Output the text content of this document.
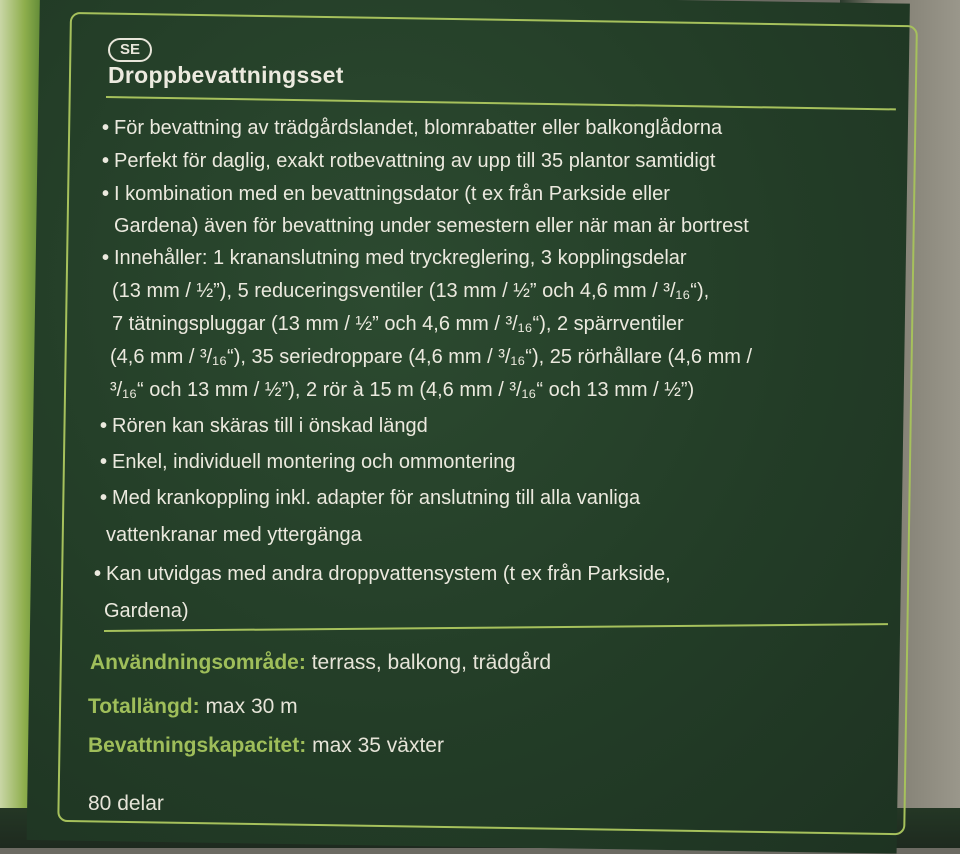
SE
Droppbevattningsset
• För bevattning av trädgårdslandet, blomrabatter eller balkonglådorna
• Perfekt för daglig, exakt rotbevattning av upp till 35 plantor samtidigt
• I kombination med en bevattningsdator (t ex från Parkside eller
Gardena) även för bevattning under semestern eller när man är bortrest
• Innehåller: 1 krananslutning med tryckreglering, 3 kopplingsdelar
(13 mm / ½”), 5 reduceringsventiler (13 mm / ½” och 4,6 mm / ³/₁₆“),
7 tätningspluggar (13 mm / ½” och 4,6 mm / ³/₁₆“), 2 spärrventiler
(4,6 mm / ³/₁₆“), 35 seriedroppare (4,6 mm / ³/₁₆“), 25 rörhållare (4,6 mm /
³/₁₆“ och 13 mm / ½”), 2 rör à 15 m (4,6 mm / ³/₁₆“ och 13 mm / ½”)
• Rören kan skäras till i önskad längd
• Enkel, individuell montering och ommontering
• Med krankoppling inkl. adapter för anslutning till alla vanliga
vattenkranar med yttergänga
• Kan utvidgas med andra droppvattensystem (t ex från Parkside,
Gardena)
Användningsområde: terrass, balkong, trädgård
Totallängd: max 30 m
Bevattningskapacitet: max 35 växter
80 delar
